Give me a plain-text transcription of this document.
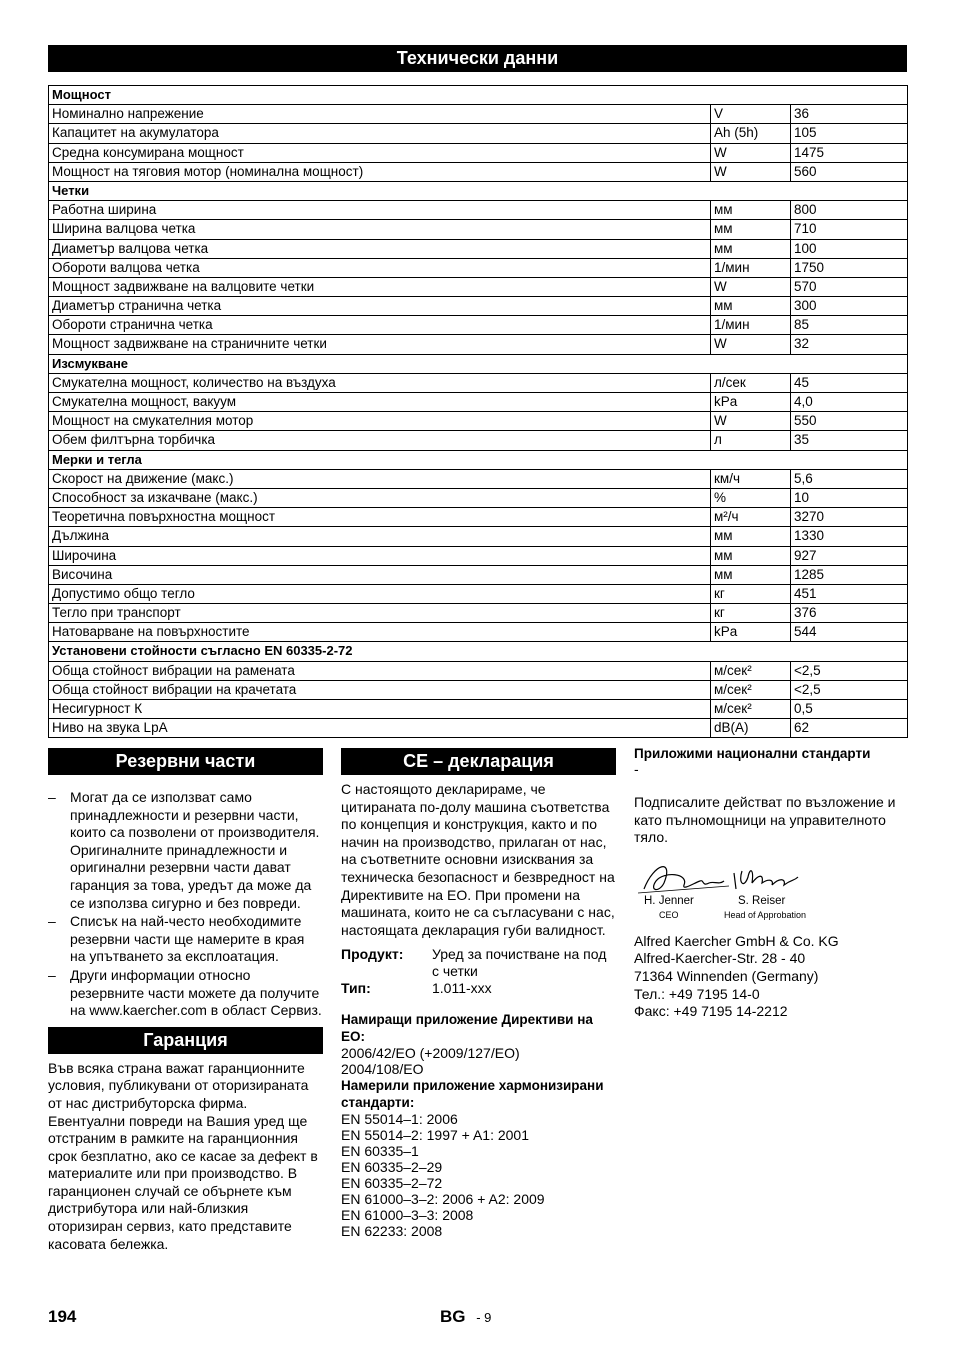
Технически данни
Мощност		
Номинално напрежение	V	36
Капацитет на акумулатора	Ah (5h)	105
Средна консумирана мощност	W	1475
Мощност на тяговия мотор (номинална мощност)	W	560
Четки		
Работна ширина	мм	800
Ширина валцова четка	мм	710
Диаметър валцова четка	мм	100
Обороти валцова четка	1/мин	1750
Мощност задвижване на валцовите четки	W	570
Диаметър странична четка	мм	300
Обороти странична четка	1/мин	85
Мощност задвижване на страничните четки	W	32
Изсмукване		
Смукателна мощност, количество на въздуха	л/сек	45
Смукателна мощност, вакуум	kPa	4,0
Мощност на смукателния мотор	W	550
Обем филтърна торбичка	л	35
Мерки и тегла		
Скорост на движение (макс.)	км/ч	5,6
Способност за изкачване (макс.)	%	10
Теоретична повърхностна мощност	м²/ч	3270
Дължина	мм	1330
Широчина	мм	927
Височина	мм	1285
Допустимо общо тегло	кг	451
Тегло при транспорт	кг	376
Натоварване на повърхностите	kPa	544
Установени стойности съгласно EN 60335-2-72		
Обща стойност вибрации на рамената	м/сек²	<2,5
Обща стойност вибрации на крачетата	м/сек²	<2,5
Несигурност К	м/сек²	0,5
Ниво на звука LpA	dB(A)	62
Резервни части
– Могат да се използват само принадлежности и резервни части, които са позволени от производителя. Оригиналните принадлежности и оригинални резервни части дават гаранция за това, уредът да може да се използва сигурно и без повреди.
– Списък на най-често необходимите резервни части ще намерите в края на упътването за експлоатация.
– Други информации относно резервните части можете да получите на www.kaercher.com в област Сервиз.
Гаранция
Във всяка страна важат гаранционните условия, публикувани от оторизираната от нас дистрибуторска фирма. Евентуални повреди на Вашия уред ще отстраним в рамките на гаранционния срок безплатно, ако се касае за дефект в материалите или при производство. В гаранционен случай се обърнете към дистрибутора или най-близкия оторизиран сервиз, като представите касовата бележка.
CE – декларация
С настоящото декларираме, че цитираната по-долу машина съответства по концепция и конструкция, както и по начин на производство, прилаган от нас, на съответните основни изисквания за техническа безопасност и безвредност на Директивите на ЕО. При промени на машината, които не са съгласувани с нас, настоящата декларация губи валидност.
Продукт:	Уред за почистване на под с четки
Тип:	1.011-xxx
Намиращи приложение Директиви на ЕО:
2006/42/EO (+2009/127/EO)
2004/108/EO
Намерили приложение хармонизирани стандарти:
EN 55014–1: 2006
EN 55014–2: 1997 + A1: 2001
EN 60335–1
EN 60335–2–29
EN 60335–2–72
EN 61000–3–2: 2006 + A2: 2009
EN 61000–3–3: 2008
EN 62233: 2008
Приложими национални стандарти
-
Подписалите действат по възложение и като пълномощници на управителното тяло.
H. Jenner
CEO
S. Reiser
Head of Approbation
Alfred Kaercher GmbH & Co. KG
Alfred-Kaercher-Str. 28 - 40
71364 Winnenden (Germany)
Тел.: +49 7195 14-0
Факс: +49 7195 14-2212
194	BG - 9
